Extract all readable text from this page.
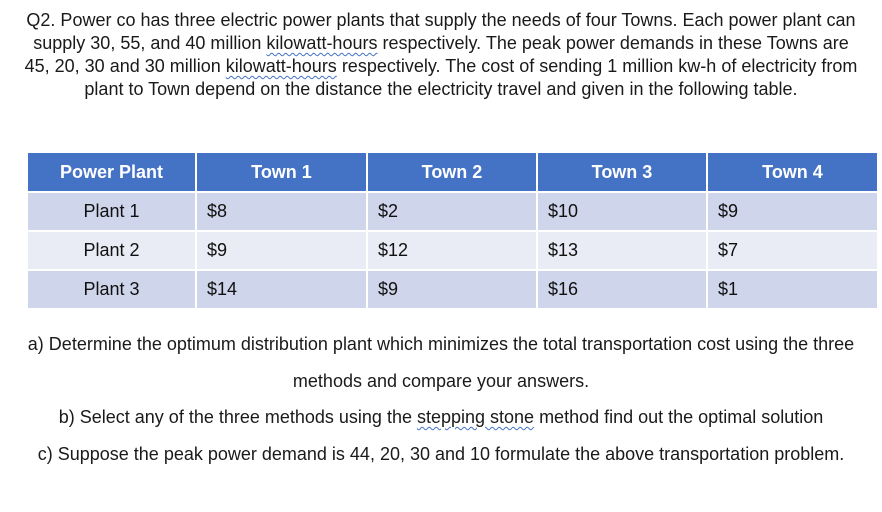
Q2. Power co has three electric power plants that supply the needs of four Towns. Each power plant can supply 30, 55, and 40 million kilowatt-hours respectively. The peak power demands in these Towns are 45, 20, 30 and 30 million kilowatt-hours respectively. The cost of sending 1 million kw-h of electricity from plant to Town depend on the distance the electricity travel and given in the following table.
Power Plant	Town 1	Town 2	Town 3	Town 4
Plant 1	$8	$2	$10	$9
Plant 2	$9	$12	$13	$7
Plant 3	$14	$9	$16	$1
a) Determine the optimum distribution plant which minimizes the total transportation cost using the three methods and compare your answers.
b) Select any of the three methods using the stepping stone method find out the optimal solution
c) Suppose the peak power demand is 44, 20, 30 and 10 formulate the above transportation problem.
